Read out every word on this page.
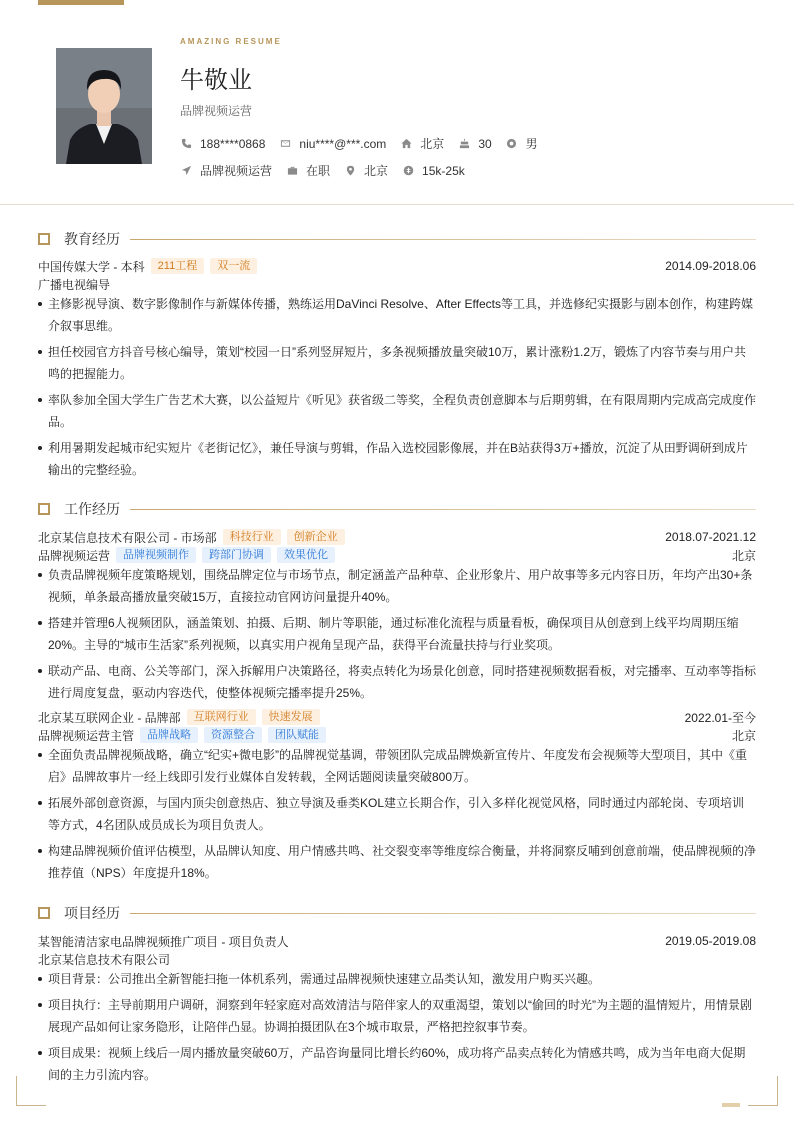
AMAZING RESUME
牛敬业
品牌视频运营
188****0868	niu****@***.com	北京	30	男
品牌视频运营	在职	北京	15k-25k
教育经历
中国传媒大学 - 本科	211工程	双一流	2014.09-2018.06
广播电视编导
主修影视导演、数字影像制作与新媒体传播，熟练运用DaVinci Resolve、After Effects等工具，并选修纪实摄影与剧本创作，构建跨媒介叙事思维。
担任校园官方抖音号核心编导，策划“校园一日”系列竖屏短片，多条视频播放量突破10万，累计涨粉1.2万，锻炼了内容节奏与用户共鸣的把握能力。
率队参加全国大学生广告艺术大赛，以公益短片《听见》获省级二等奖，全程负责创意脚本与后期剪辑，在有限周期内完成高完成度作品。
利用暑期发起城市纪实短片《老街记忆》，兼任导演与剪辑，作品入选校园影像展，并在B站获得3万+播放，沉淀了从田野调研到成片输出的完整经验。
工作经历
北京某信息技术有限公司 - 市场部	科技行业	创新企业	2018.07-2021.12
品牌视频运营	品牌视频制作	跨部门协调	效果优化	北京
负责品牌视频年度策略规划，围绕品牌定位与市场节点，制定涵盖产品种草、企业形象片、用户故事等多元内容日历，年均产出30+条视频，单条最高播放量突破15万，直接拉动官网访问量提升40%。
搭建并管理6人视频团队，涵盖策划、拍摄、后期、制片等职能，通过标准化流程与质量看板，确保项目从创意到上线平均周期压缩20%。主导的“城市生活家”系列视频，以真实用户视角呈现产品，获得平台流量扶持与行业奖项。
联动产品、电商、公关等部门，深入拆解用户决策路径，将卖点转化为场景化创意，同时搭建视频数据看板，对完播率、互动率等指标进行周度复盘，驱动内容迭代，使整体视频完播率提升25%。
北京某互联网企业 - 品牌部	互联网行业	快速发展	2022.01-至今
品牌视频运营主管	品牌战略	资源整合	团队赋能	北京
全面负责品牌视频战略，确立“纪实+微电影”的品牌视觉基调，带领团队完成品牌焕新宣传片、年度发布会视频等大型项目，其中《重启》品牌故事片一经上线即引发行业媒体自发转载，全网话题阅读量突破800万。
拓展外部创意资源，与国内顶尖创意热店、独立导演及垂类KOL建立长期合作，引入多样化视觉风格，同时通过内部轮岗、专项培训等方式，4名团队成员成长为项目负责人。
构建品牌视频价值评估模型，从品牌认知度、用户情感共鸣、社交裂变率等维度综合衡量，并将洞察反哺到创意前端，使品牌视频的净推荐值（NPS）年度提升18%。
项目经历
某智能清洁家电品牌视频推广项目 - 项目负责人	2019.05-2019.08
北京某信息技术有限公司
项目背景：公司推出全新智能扫拖一体机系列，需通过品牌视频快速建立品类认知，激发用户购买兴趣。
项目执行：主导前期用户调研，洞察到年轻家庭对高效清洁与陪伴家人的双重渴望，策划以“偷回的时光”为主题的温情短片，用情景剧展现产品如何让家务隐形，让陪伴凸显。协调拍摄团队在3个城市取景，严格把控叙事节奏。
项目成果：视频上线后一周内播放量突破60万，产品咨询量同比增长约60%，成功将产品卖点转化为情感共鸣，成为当年电商大促期间的主力引流内容。
